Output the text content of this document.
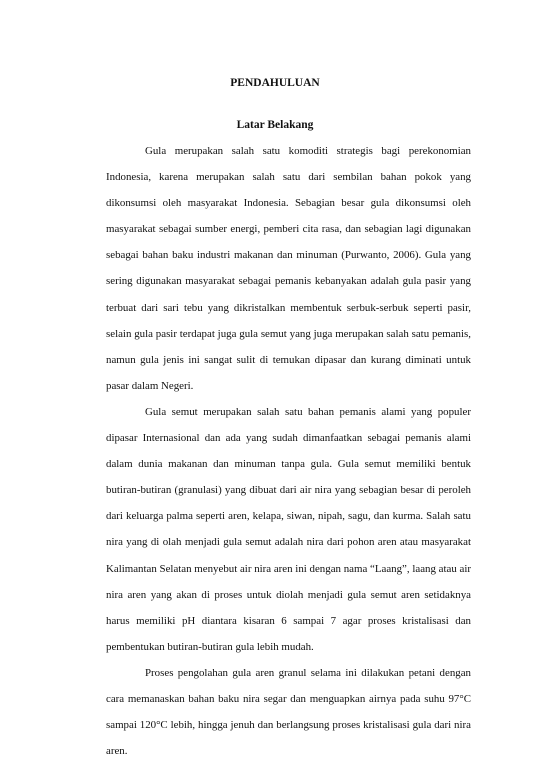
PENDAHULUAN
Latar Belakang

Gula merupakan salah satu komoditi strategis bagi perekonomian Indonesia, karena merupakan salah satu dari sembilan bahan pokok yang dikonsumsi oleh masyarakat Indonesia. Sebagian besar gula dikonsumsi oleh masyarakat sebagai sumber energi, pemberi cita rasa, dan sebagian lagi digunakan sebagai bahan baku industri makanan dan minuman (Purwanto, 2006). Gula yang sering digunakan masyarakat sebagai pemanis kebanyakan adalah gula pasir yang terbuat dari sari tebu yang dikristalkan membentuk serbuk-serbuk seperti pasir, selain gula pasir terdapat juga gula semut yang juga merupakan salah satu pemanis, namun gula jenis ini sangat sulit di temukan dipasar dan kurang diminati untuk pasar dalam Negeri.

Gula semut merupakan salah satu bahan pemanis alami yang populer dipasar Internasional dan ada yang sudah dimanfaatkan sebagai pemanis alami dalam dunia makanan dan minuman tanpa gula. Gula semut memiliki bentuk butiran-butiran (granulasi) yang dibuat dari air nira yang sebagian besar di peroleh dari keluarga palma seperti aren, kelapa, siwan, nipah, sagu, dan kurma. Salah satu nira yang di olah menjadi gula semut adalah nira dari pohon aren atau masyarakat Kalimantan Selatan menyebut air nira aren ini dengan nama “Laang”, laang atau air nira aren yang akan di proses untuk diolah menjadi gula semut aren setidaknya harus memiliki pH diantara kisaran 6 sampai 7 agar proses kristalisasi dan pembentukan butiran-butiran gula lebih mudah.

Proses pengolahan gula aren granul selama ini dilakukan petani dengan cara memanaskan bahan baku nira segar dan menguapkan airnya pada suhu 97°C sampai 120°C lebih, hingga jenuh dan berlangsung proses kristalisasi gula dari nira aren.
